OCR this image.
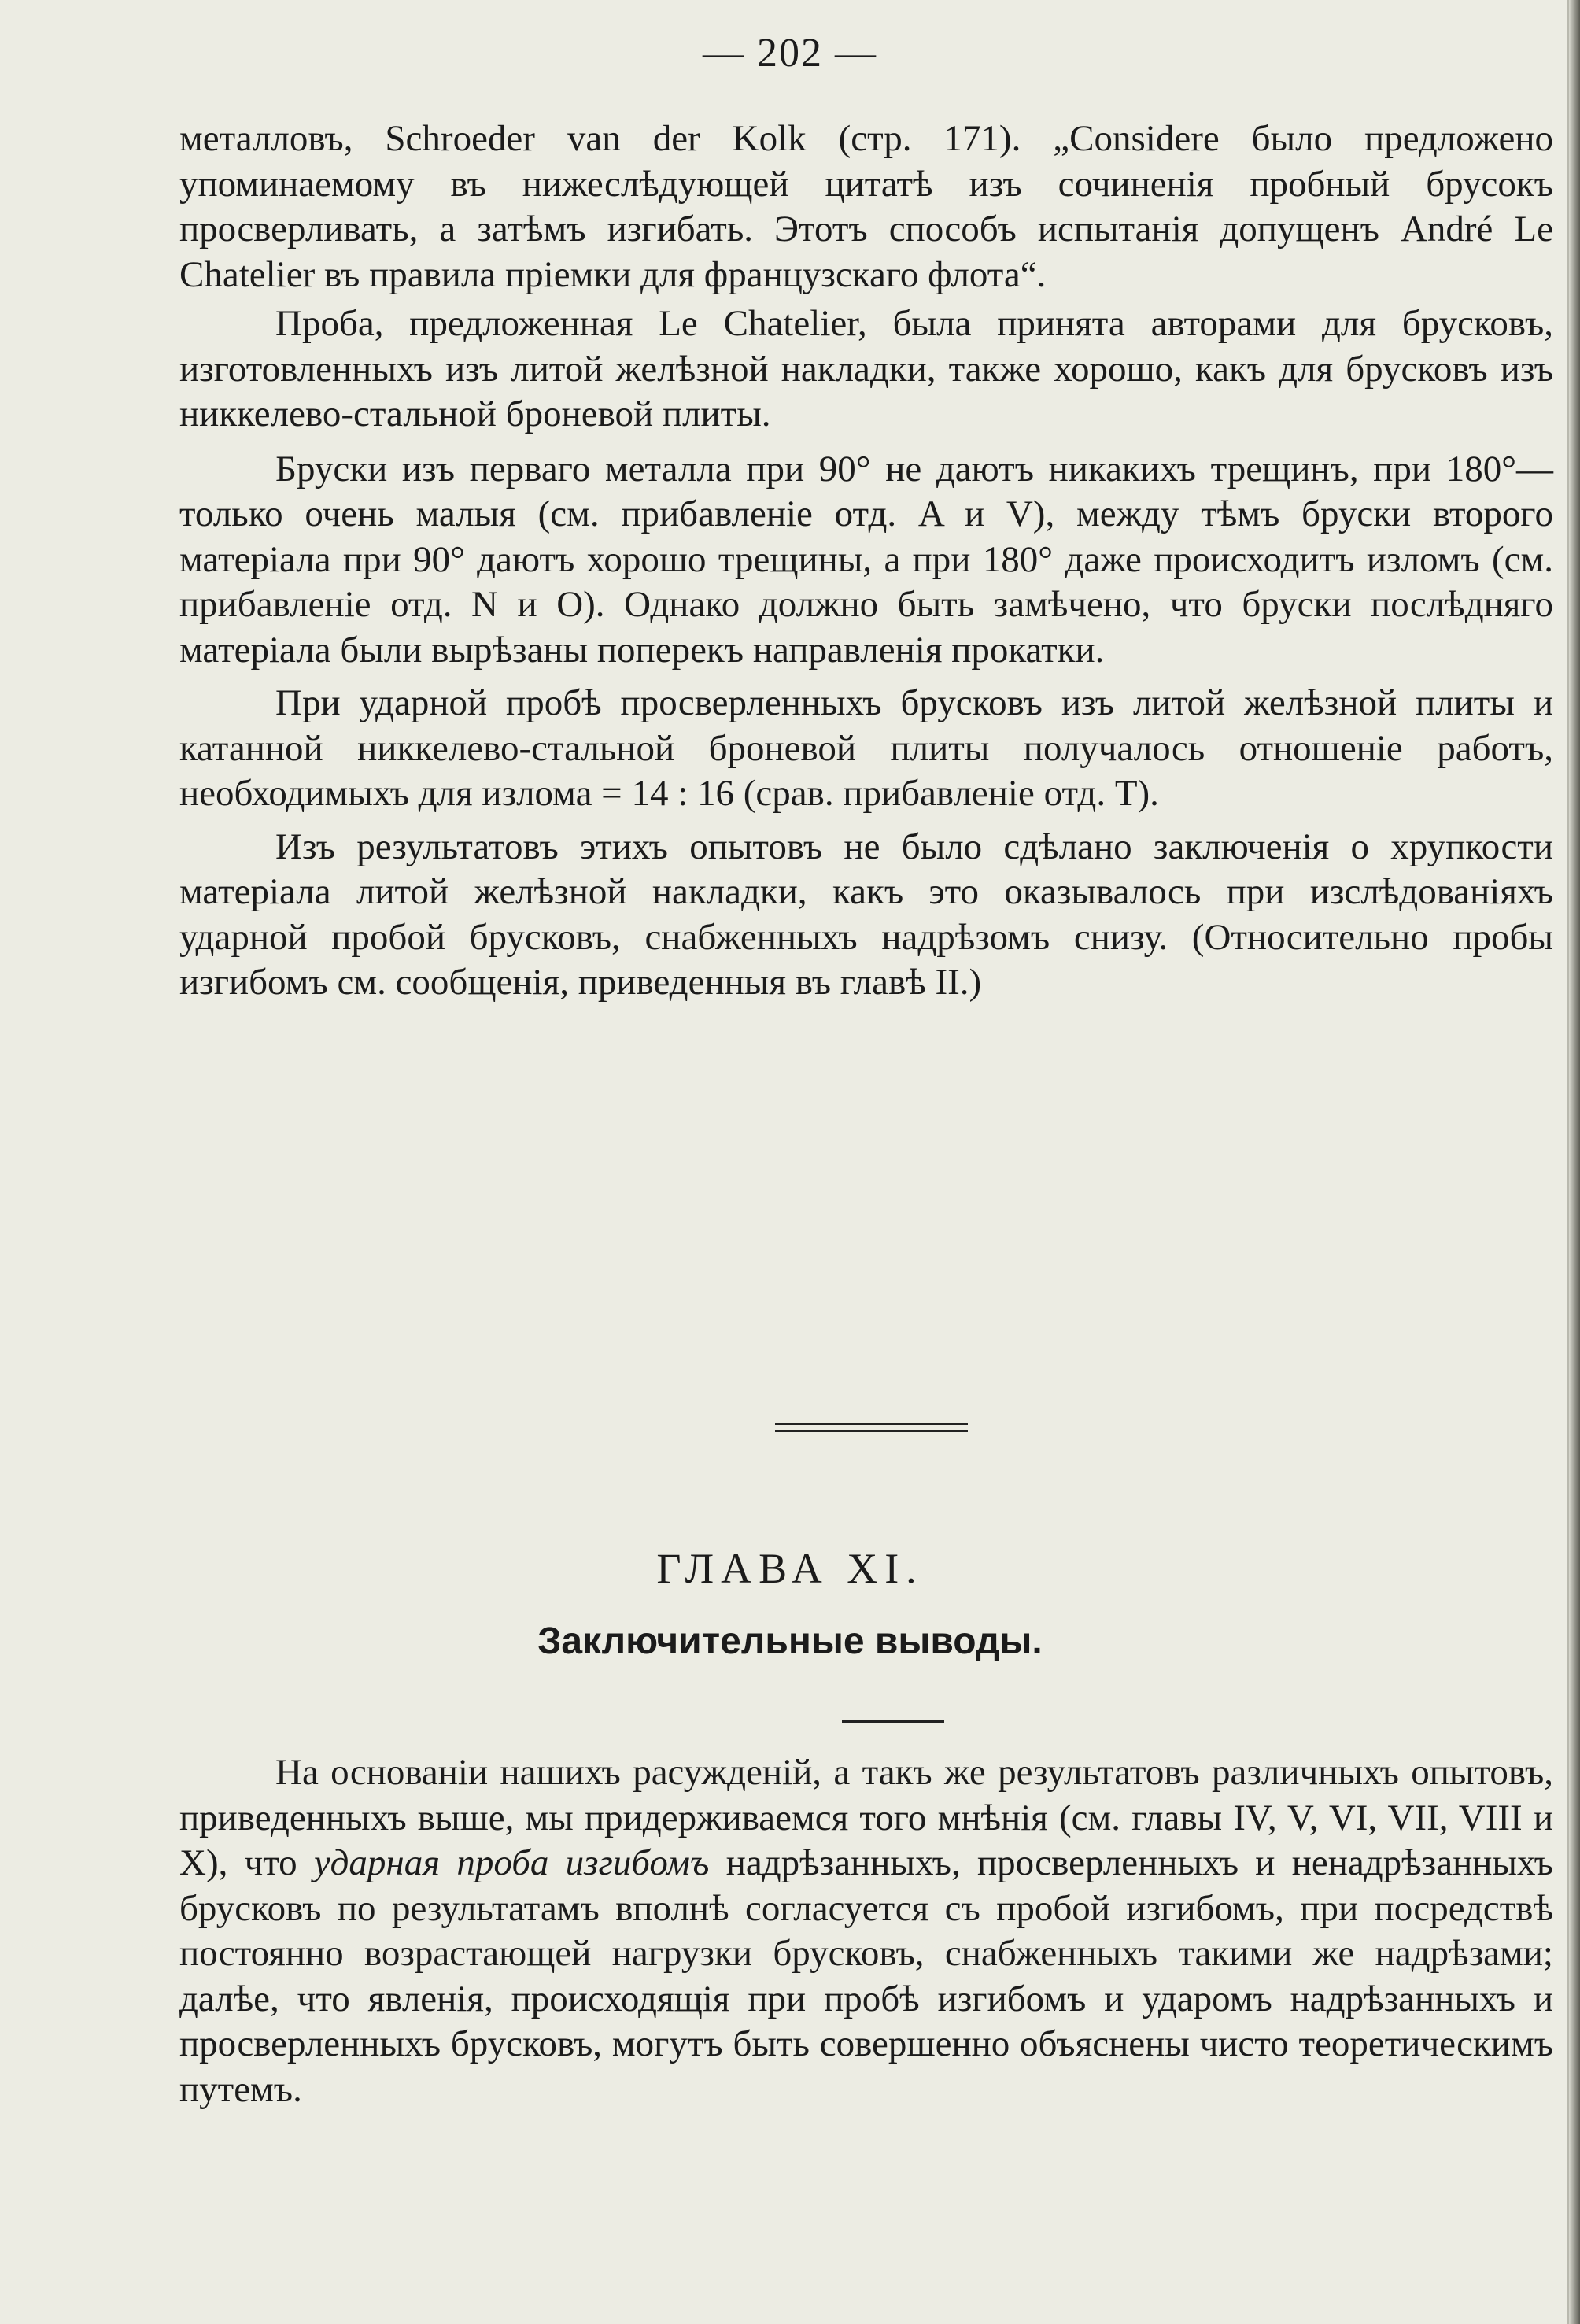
— 202 —

металловъ, Schroeder van der Kolk (стр. 171). „Considere было предложено упоминаемому въ нижеслѣдующей цитатѣ изъ сочиненія пробный брусокъ просверливать, а затѣмъ изгибать. Этотъ способъ испытанія допущенъ André Le Chatelier въ правила пріемки для французскаго флота“.

Проба, предложенная Le Chatelier, была принята авторами для брусковъ, изготовленныхъ изъ литой желѣзной накладки, также хорошо, какъ для брусковъ изъ никкелево-стальной броневой плиты.

Бруски изъ перваго металла при 90° не даютъ никакихъ трещинъ, при 180°—только очень малыя (см. прибавленіе отд. A и V), между тѣмъ бруски второго матеріала при 90° даютъ хорошо трещины, а при 180° даже происходитъ изломъ (см. прибавленіе отд. N и O). Однако должно быть замѣчено, что бруски послѣдняго матеріала были вырѣзаны поперекъ направленія прокатки.

При ударной пробѣ просверленныхъ брусковъ изъ литой желѣзной плиты и катанной никкелево-стальной броневой плиты получалось отношеніе работъ, необходимыхъ для излома = 14 : 16 (срав. прибавленіе отд. T).

Изъ результатовъ этихъ опытовъ не было сдѣлано заключенія о хрупкости матеріала литой желѣзной накладки, какъ это оказывалось при изслѣдованіяхъ ударной пробой брусковъ, снабженныхъ надрѣзомъ снизу. (Относительно пробы изгибомъ см. сообщенія, приведенныя въ главѣ II.)

ГЛАВА XI.
Заключительные выводы.

На основаніи нашихъ расужденій, а такъ же результатовъ различныхъ опытовъ, приведенныхъ выше, мы придерживаемся того мнѣнія (см. главы IV, V, VI, VII, VIII и X), что ударная проба изгибомъ надрѣзанныхъ, просверленныхъ и ненадрѣзанныхъ брусковъ по результатамъ вполнѣ согласуется съ пробой изгибомъ, при посредствѣ постоянно возрастающей нагрузки брусковъ, снабженныхъ такими же надрѣзами; далѣе, что явленія, происходящія при пробѣ изгибомъ и ударомъ надрѣзанныхъ и просверленныхъ брусковъ, могутъ быть совершенно объяснены чисто теоретическимъ путемъ.
